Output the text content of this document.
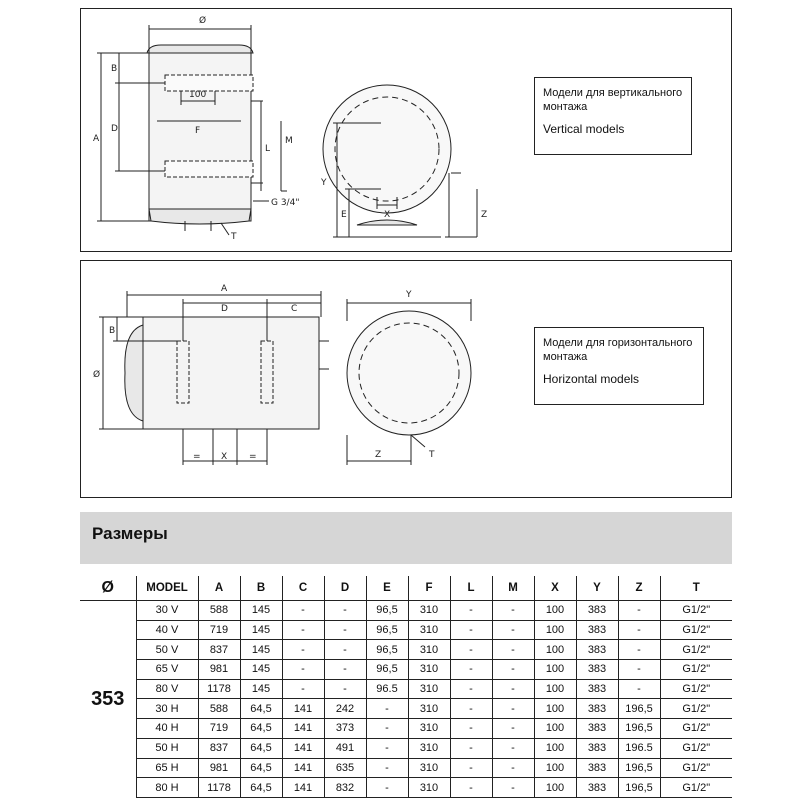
Ø
A
B
D
100
F
L
M
G 3/4"
T
Y
E	X	Z
Модели для вертикального монтажа
Vertical models
A
D	C
B
Ø
= X =
Y
Z	T
Модели для горизонтального монтажа
Horizontal models
Размеры
Ø	MODEL	A	B	C	D	E	F	L	M	X	Y	Z	T
353	30 V	588	145	-	-	96,5	310	-	-	100	383	-	G1/2"
	40 V	719	145	-	-	96,5	310	-	-	100	383	-	G1/2"
	50 V	837	145	-	-	96,5	310	-	-	100	383	-	G1/2"
	65 V	981	145	-	-	96,5	310	-	-	100	383	-	G1/2"
	80 V	1178	145	-	-	96.5	310	-	-	100	383	-	G1/2"
	30 H	588	64,5	141	242	-	310	-	-	100	383	196,5	G1/2"
	40 H	719	64,5	141	373	-	310	-	-	100	383	196,5	G1/2"
	50 H	837	64,5	141	491	-	310	-	-	100	383	196.5	G1/2"
	65 H	981	64,5	141	635	-	310	-	-	100	383	196,5	G1/2"
	80 H	1178	64,5	141	832	-	310	-	-	100	383	196,5	G1/2"
